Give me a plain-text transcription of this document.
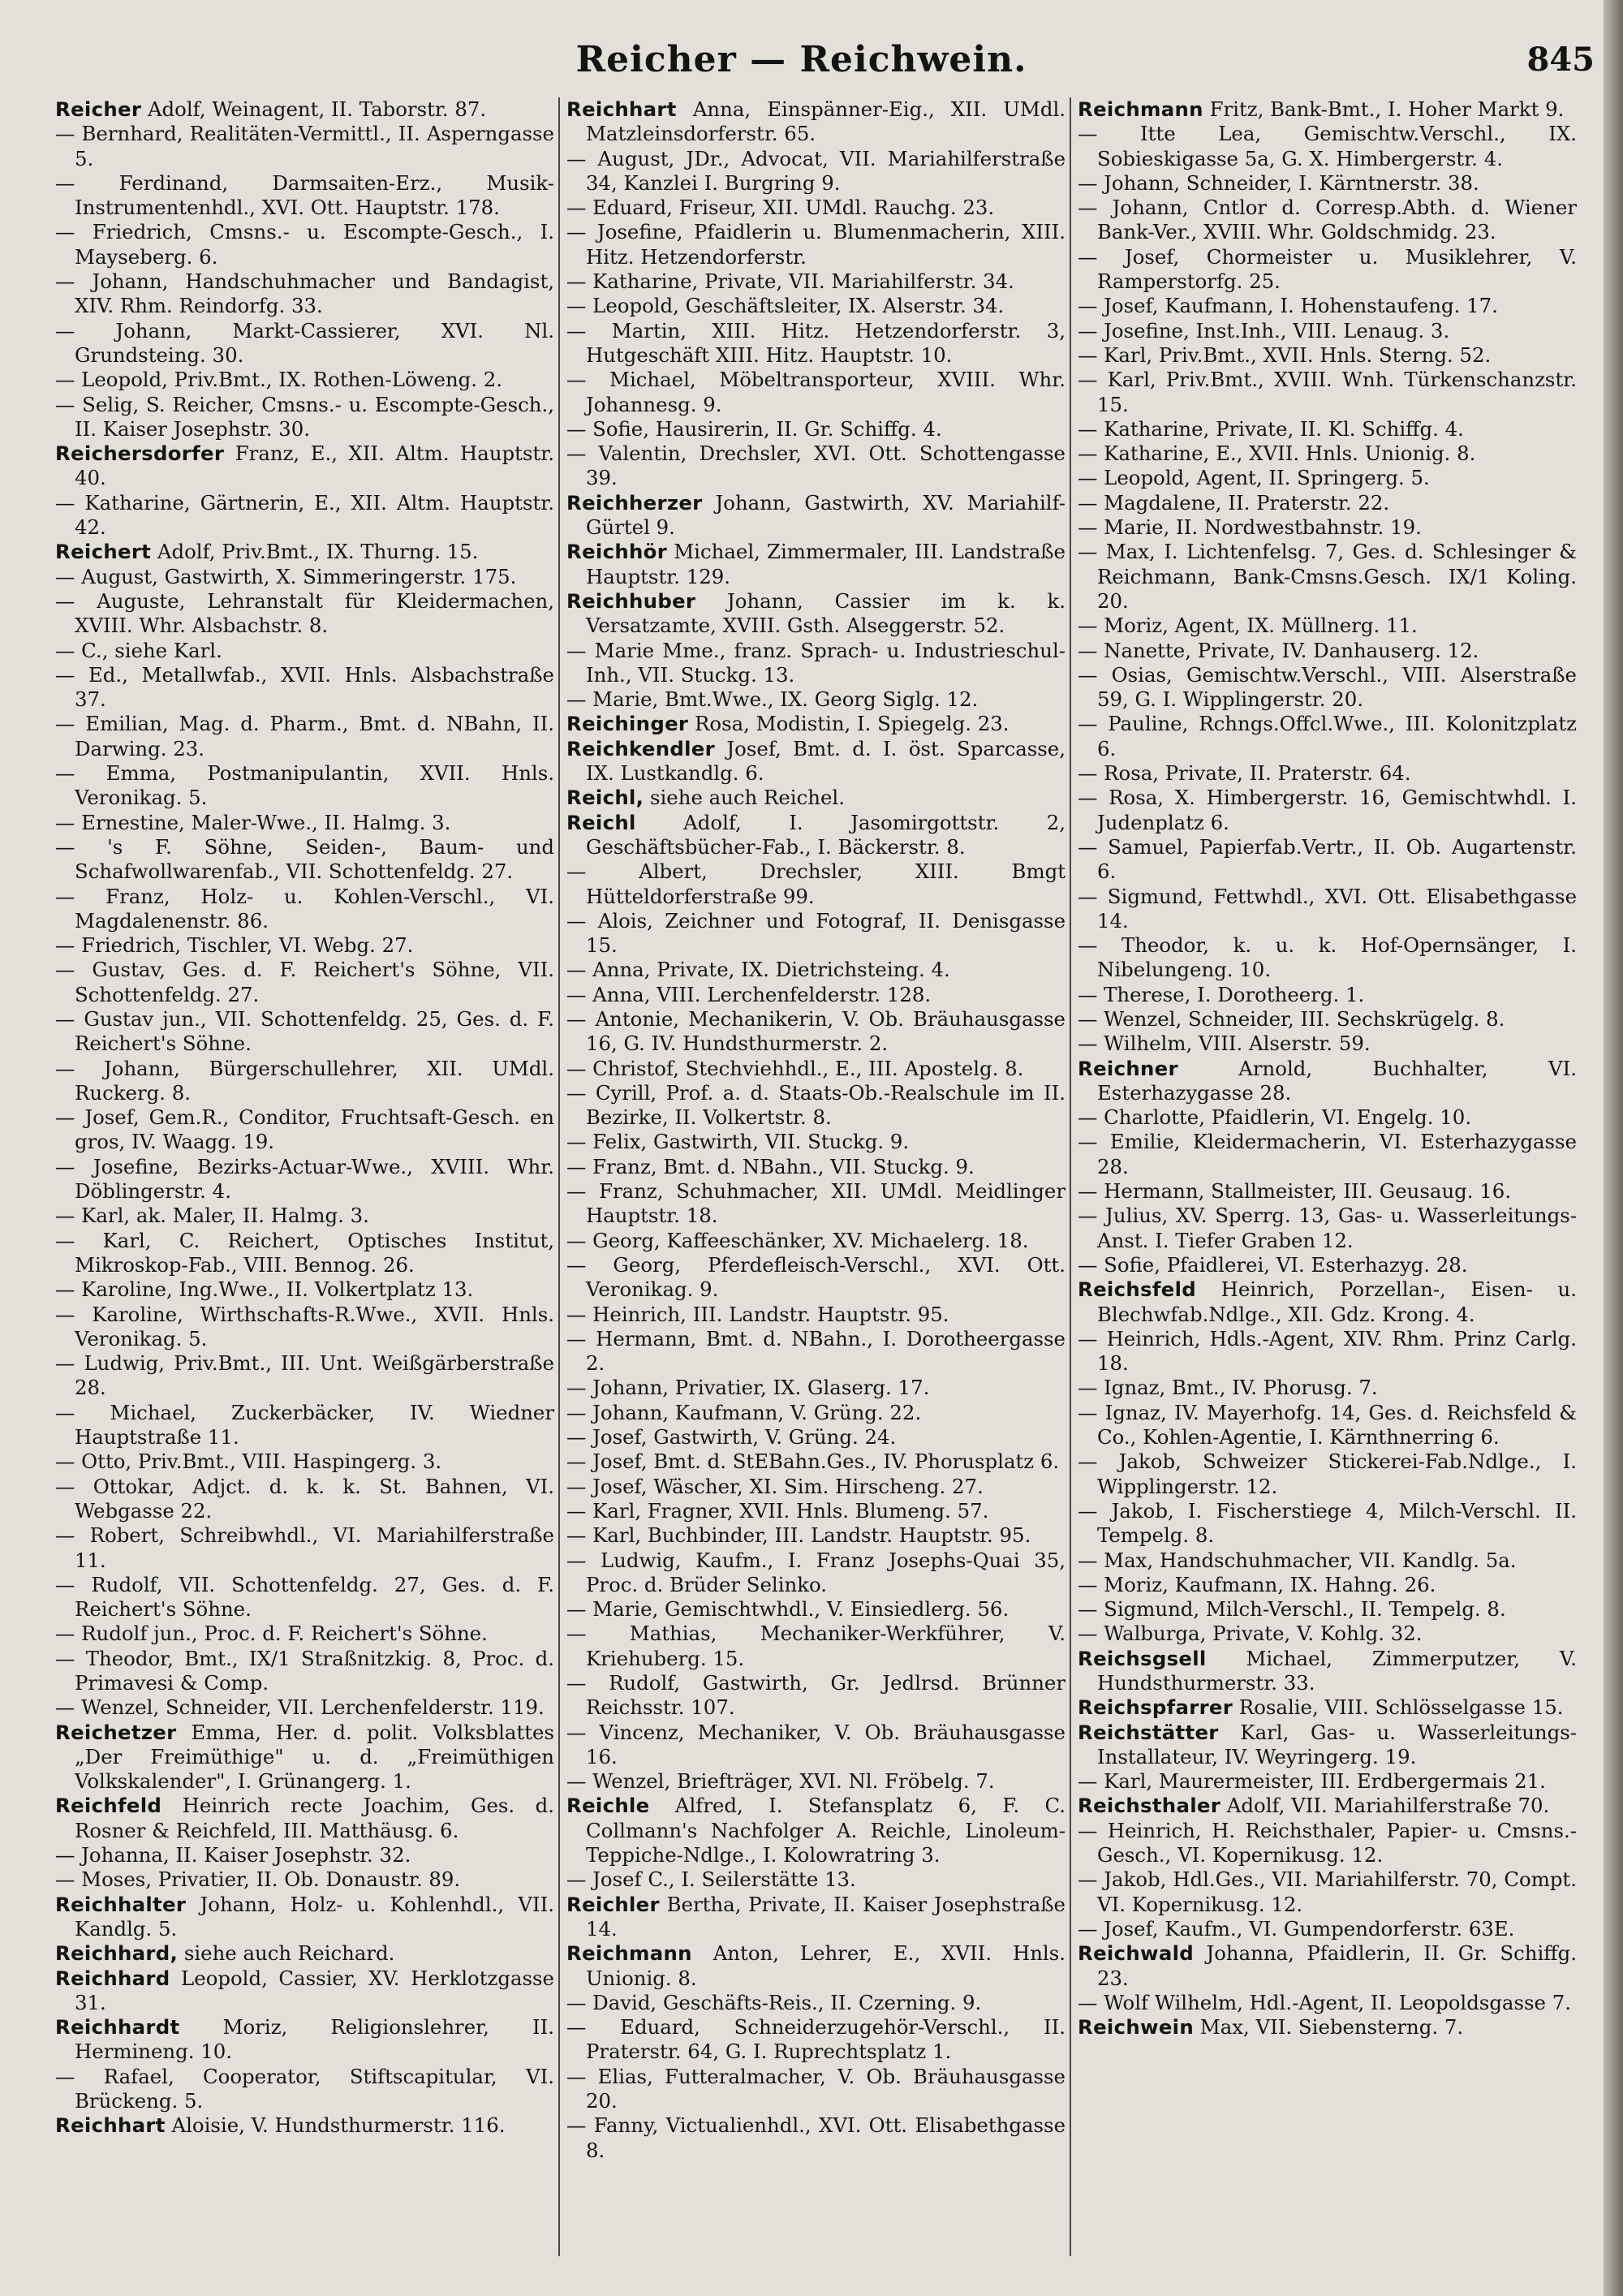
Reicher — Reichwein.	845
Reicher Adolf, Weinagent, II. Taborstr. 87.
— Bernhard, Realitäten-Vermittl., II. Asperngasse 5.
— Ferdinand, Darmsaiten-Erz., Musik-Instrumentenhdl., XVI. Ott. Hauptstr. 178.
— Friedrich, Cmsns.- u. Escompte-Gesch., I. Mayseberg. 6.
— Johann, Handschuhmacher und Bandagist, XIV. Rhm. Reindorfg. 33.
— Johann, Markt-Cassierer, XVI. Nl. Grundsteing. 30.
— Leopold, Priv.Bmt., IX. Rothen-Löweng. 2.
— Selig, S. Reicher, Cmsns.- u. Escompte-Gesch., II. Kaiser Josephstr. 30.
Reichersdorfer Franz, E., XII. Altm. Hauptstr. 40.
— Katharine, Gärtnerin, E., XII. Altm. Hauptstr. 42.
Reichert Adolf, Priv.Bmt., IX. Thurng. 15.
— August, Gastwirth, X. Simmeringerstr. 175.
— Auguste, Lehranstalt für Kleidermachen, XVIII. Whr. Alsbachstr. 8.
— C., siehe Karl.
— Ed., Metallwfab., XVII. Hnls. Alsbachstraße 37.
— Emilian, Mag. d. Pharm., Bmt. d. NBahn, II. Darwing. 23.
— Emma, Postmanipulantin, XVII. Hnls. Veronikag. 5.
— Ernestine, Maler-Wwe., II. Halmg. 3.
— 's F. Söhne, Seiden-, Baum- und Schafwollwarenfab., VII. Schottenfeldg. 27.
— Franz, Holz- u. Kohlen-Verschl., VI. Magdalenenstr. 86.
— Friedrich, Tischler, VI. Webg. 27.
— Gustav, Ges. d. F. Reichert's Söhne, VII. Schottenfeldg. 27.
— Gustav jun., VII. Schottenfeldg. 25, Ges. d. F. Reichert's Söhne.
— Johann, Bürgerschullehrer, XII. UMdl. Ruckerg. 8.
— Josef, Gem.R., Conditor, Fruchtsaft-Gesch. en gros, IV. Waagg. 19.
— Josefine, Bezirks-Actuar-Wwe., XVIII. Whr. Döblingerstr. 4.
— Karl, ak. Maler, II. Halmg. 3.
— Karl, C. Reichert, Optisches Institut, Mikroskop-Fab., VIII. Bennog. 26.
— Karoline, Ing.Wwe., II. Volkertplatz 13.
— Karoline, Wirthschafts-R.Wwe., XVII. Hnls. Veronikag. 5.
— Ludwig, Priv.Bmt., III. Unt. Weißgärberstraße 28.
— Michael, Zuckerbäcker, IV. Wiedner Hauptstraße 11.
— Otto, Priv.Bmt., VIII. Haspingerg. 3.
— Ottokar, Adjct. d. k. k. St. Bahnen, VI. Webgasse 22.
— Robert, Schreibwhdl., VI. Mariahilferstraße 11.
— Rudolf, VII. Schottenfeldg. 27, Ges. d. F. Reichert's Söhne.
— Rudolf jun., Proc. d. F. Reichert's Söhne.
— Theodor, Bmt., IX/1 Straßnitzkig. 8, Proc. d. Primavesi & Comp.
— Wenzel, Schneider, VII. Lerchenfelderstr. 119.
Reichetzer Emma, Her. d. polit. Volksblattes „Der Freimüthige" u. d. „Freimüthigen Volkskalender", I. Grünangerg. 1.
Reichfeld Heinrich recte Joachim, Ges. d. Rosner & Reichfeld, III. Matthäusg. 6.
— Johanna, II. Kaiser Josephstr. 32.
— Moses, Privatier, II. Ob. Donaustr. 89.
Reichhalter Johann, Holz- u. Kohlenhdl., VII. Kandlg. 5.
Reichhard, siehe auch Reichard.
Reichhard Leopold, Cassier, XV. Herklotzgasse 31.
Reichhardt Moriz, Religionslehrer, II. Hermineng. 10.
— Rafael, Cooperator, Stiftscapitular, VI. Brückeng. 5.
Reichhart Aloisie, V. Hundsthurmerstr. 116.
Reichhart Anna, Einspänner-Eig., XII. UMdl. Matzleinsdorferstr. 65.
— August, JDr., Advocat, VII. Mariahilferstraße 34, Kanzlei I. Burgring 9.
— Eduard, Friseur, XII. UMdl. Rauchg. 23.
— Josefine, Pfaidlerin u. Blumenmacherin, XIII. Hitz. Hetzendorferstr.
— Katharine, Private, VII. Mariahilferstr. 34.
— Leopold, Geschäftsleiter, IX. Alserstr. 34.
— Martin, XIII. Hitz. Hetzendorferstr. 3, Hutgeschäft XIII. Hitz. Hauptstr. 10.
— Michael, Möbeltransporteur, XVIII. Whr. Johannesg. 9.
— Sofie, Hausirerin, II. Gr. Schiffg. 4.
— Valentin, Drechsler, XVI. Ott. Schottengasse 39.
Reichherzer Johann, Gastwirth, XV. Mariahilf-Gürtel 9.
Reichhör Michael, Zimmermaler, III. Landstraße Hauptstr. 129.
Reichhuber Johann, Cassier im k. k. Versatzamte, XVIII. Gsth. Alseggerstr. 52.
— Marie Mme., franz. Sprach- u. Industrieschul-Inh., VII. Stuckg. 13.
— Marie, Bmt.Wwe., IX. Georg Siglg. 12.
Reichinger Rosa, Modistin, I. Spiegelg. 23.
Reichkendler Josef, Bmt. d. I. öst. Sparcasse, IX. Lustkandlg. 6.
Reichl, siehe auch Reichel.
Reichl Adolf, I. Jasomirgottstr. 2, Geschäftsbücher-Fab., I. Bäckerstr. 8.
— Albert, Drechsler, XIII. Bmgt Hütteldorferstraße 99.
— Alois, Zeichner und Fotograf, II. Denisgasse 15.
— Anna, Private, IX. Dietrichsteing. 4.
— Anna, VIII. Lerchenfelderstr. 128.
— Antonie, Mechanikerin, V. Ob. Bräuhausgasse 16, G. IV. Hundsthurmerstr. 2.
— Christof, Stechviehhdl., E., III. Apostelg. 8.
— Cyrill, Prof. a. d. Staats-Ob.-Realschule im II. Bezirke, II. Volkertstr. 8.
— Felix, Gastwirth, VII. Stuckg. 9.
— Franz, Bmt. d. NBahn., VII. Stuckg. 9.
— Franz, Schuhmacher, XII. UMdl. Meidlinger Hauptstr. 18.
— Georg, Kaffeeschänker, XV. Michaelerg. 18.
— Georg, Pferdefleisch-Verschl., XVI. Ott. Veronikag. 9.
— Heinrich, III. Landstr. Hauptstr. 95.
— Hermann, Bmt. d. NBahn., I. Dorotheergasse 2.
— Johann, Privatier, IX. Glaserg. 17.
— Johann, Kaufmann, V. Grüng. 22.
— Josef, Gastwirth, V. Grüng. 24.
— Josef, Bmt. d. StEBahn.Ges., IV. Phorusplatz 6.
— Josef, Wäscher, XI. Sim. Hirscheng. 27.
— Karl, Fragner, XVII. Hnls. Blumeng. 57.
— Karl, Buchbinder, III. Landstr. Hauptstr. 95.
— Ludwig, Kaufm., I. Franz Josephs-Quai 35, Proc. d. Brüder Selinko.
— Marie, Gemischtwhdl., V. Einsiedlerg. 56.
— Mathias, Mechaniker-Werkführer, V. Kriehuberg. 15.
— Rudolf, Gastwirth, Gr. Jedlrsd. Brünner Reichsstr. 107.
— Vincenz, Mechaniker, V. Ob. Bräuhausgasse 16.
— Wenzel, Briefträger, XVI. Nl. Fröbelg. 7.
Reichle Alfred, I. Stefansplatz 6, F. C. Collmann's Nachfolger A. Reichle, Linoleum-Teppiche-Ndlge., I. Kolowratring 3.
— Josef C., I. Seilerstätte 13.
Reichler Bertha, Private, II. Kaiser Josephstraße 14.
Reichmann Anton, Lehrer, E., XVII. Hnls. Unionig. 8.
— David, Geschäfts-Reis., II. Czerning. 9.
— Eduard, Schneiderzugehör-Verschl., II. Praterstr. 64, G. I. Ruprechtsplatz 1.
— Elias, Futteralmacher, V. Ob. Bräuhausgasse 20.
— Fanny, Victualienhdl., XVI. Ott. Elisabethgasse 8.
Reichmann Fritz, Bank-Bmt., I. Hoher Markt 9.
— Itte Lea, Gemischtw.Verschl., IX. Sobieskigasse 5a, G. X. Himbergerstr. 4.
— Johann, Schneider, I. Kärntnerstr. 38.
— Johann, Cntlor d. Corresp.Abth. d. Wiener Bank-Ver., XVIII. Whr. Goldschmidg. 23.
— Josef, Chormeister u. Musiklehrer, V. Ramperstorfg. 25.
— Josef, Kaufmann, I. Hohenstaufeng. 17.
— Josefine, Inst.Inh., VIII. Lenaug. 3.
— Karl, Priv.Bmt., XVII. Hnls. Sterng. 52.
— Karl, Priv.Bmt., XVIII. Wnh. Türkenschanzstr. 15.
— Katharine, Private, II. Kl. Schiffg. 4.
— Katharine, E., XVII. Hnls. Unionig. 8.
— Leopold, Agent, II. Springerg. 5.
— Magdalene, II. Praterstr. 22.
— Marie, II. Nordwestbahnstr. 19.
— Max, I. Lichtenfelsg. 7, Ges. d. Schlesinger & Reichmann, Bank-Cmsns.Gesch. IX/1 Koling. 20.
— Moriz, Agent, IX. Müllnerg. 11.
— Nanette, Private, IV. Danhauserg. 12.
— Osias, Gemischtw.Verschl., VIII. Alserstraße 59, G. I. Wipplingerstr. 20.
— Pauline, Rchngs.Offcl.Wwe., III. Kolonitzplatz 6.
— Rosa, Private, II. Praterstr. 64.
— Rosa, X. Himbergerstr. 16, Gemischtwhdl. I. Judenplatz 6.
— Samuel, Papierfab.Vertr., II. Ob. Augartenstr. 6.
— Sigmund, Fettwhdl., XVI. Ott. Elisabethgasse 14.
— Theodor, k. u. k. Hof-Opernsänger, I. Nibelungeng. 10.
— Therese, I. Dorotheerg. 1.
— Wenzel, Schneider, III. Sechskrügelg. 8.
— Wilhelm, VIII. Alserstr. 59.
Reichner Arnold, Buchhalter, VI. Esterhazygasse 28.
— Charlotte, Pfaidlerin, VI. Engelg. 10.
— Emilie, Kleidermacherin, VI. Esterhazygasse 28.
— Hermann, Stallmeister, III. Geusaug. 16.
— Julius, XV. Sperrg. 13, Gas- u. Wasserleitungs-Anst. I. Tiefer Graben 12.
— Sofie, Pfaidlerei, VI. Esterhazyg. 28.
Reichsfeld Heinrich, Porzellan-, Eisen- u. Blechwfab.Ndlge., XII. Gdz. Krong. 4.
— Heinrich, Hdls.-Agent, XIV. Rhm. Prinz Carlg. 18.
— Ignaz, Bmt., IV. Phorusg. 7.
— Ignaz, IV. Mayerhofg. 14, Ges. d. Reichsfeld & Co., Kohlen-Agentie, I. Kärnthnerring 6.
— Jakob, Schweizer Stickerei-Fab.Ndlge., I. Wipplingerstr. 12.
— Jakob, I. Fischerstiege 4, Milch-Verschl. II. Tempelg. 8.
— Max, Handschuhmacher, VII. Kandlg. 5a.
— Moriz, Kaufmann, IX. Hahng. 26.
— Sigmund, Milch-Verschl., II. Tempelg. 8.
— Walburga, Private, V. Kohlg. 32.
Reichsgsell Michael, Zimmerputzer, V. Hundsthurmerstr. 33.
Reichspfarrer Rosalie, VIII. Schlösselgasse 15.
Reichstätter Karl, Gas- u. Wasserleitungs-Installateur, IV. Weyringerg. 19.
— Karl, Maurermeister, III. Erdbergermais 21.
Reichsthaler Adolf, VII. Mariahilferstraße 70.
— Heinrich, H. Reichsthaler, Papier- u. Cmsns.-Gesch., VI. Kopernikusg. 12.
— Jakob, Hdl.Ges., VII. Mariahilferstr. 70, Compt. VI. Kopernikusg. 12.
— Josef, Kaufm., VI. Gumpendorferstr. 63E.
Reichwald Johanna, Pfaidlerin, II. Gr. Schiffg. 23.
— Wolf Wilhelm, Hdl.-Agent, II. Leopoldsgasse 7.
Reichwein Max, VII. Siebensterng. 7.
